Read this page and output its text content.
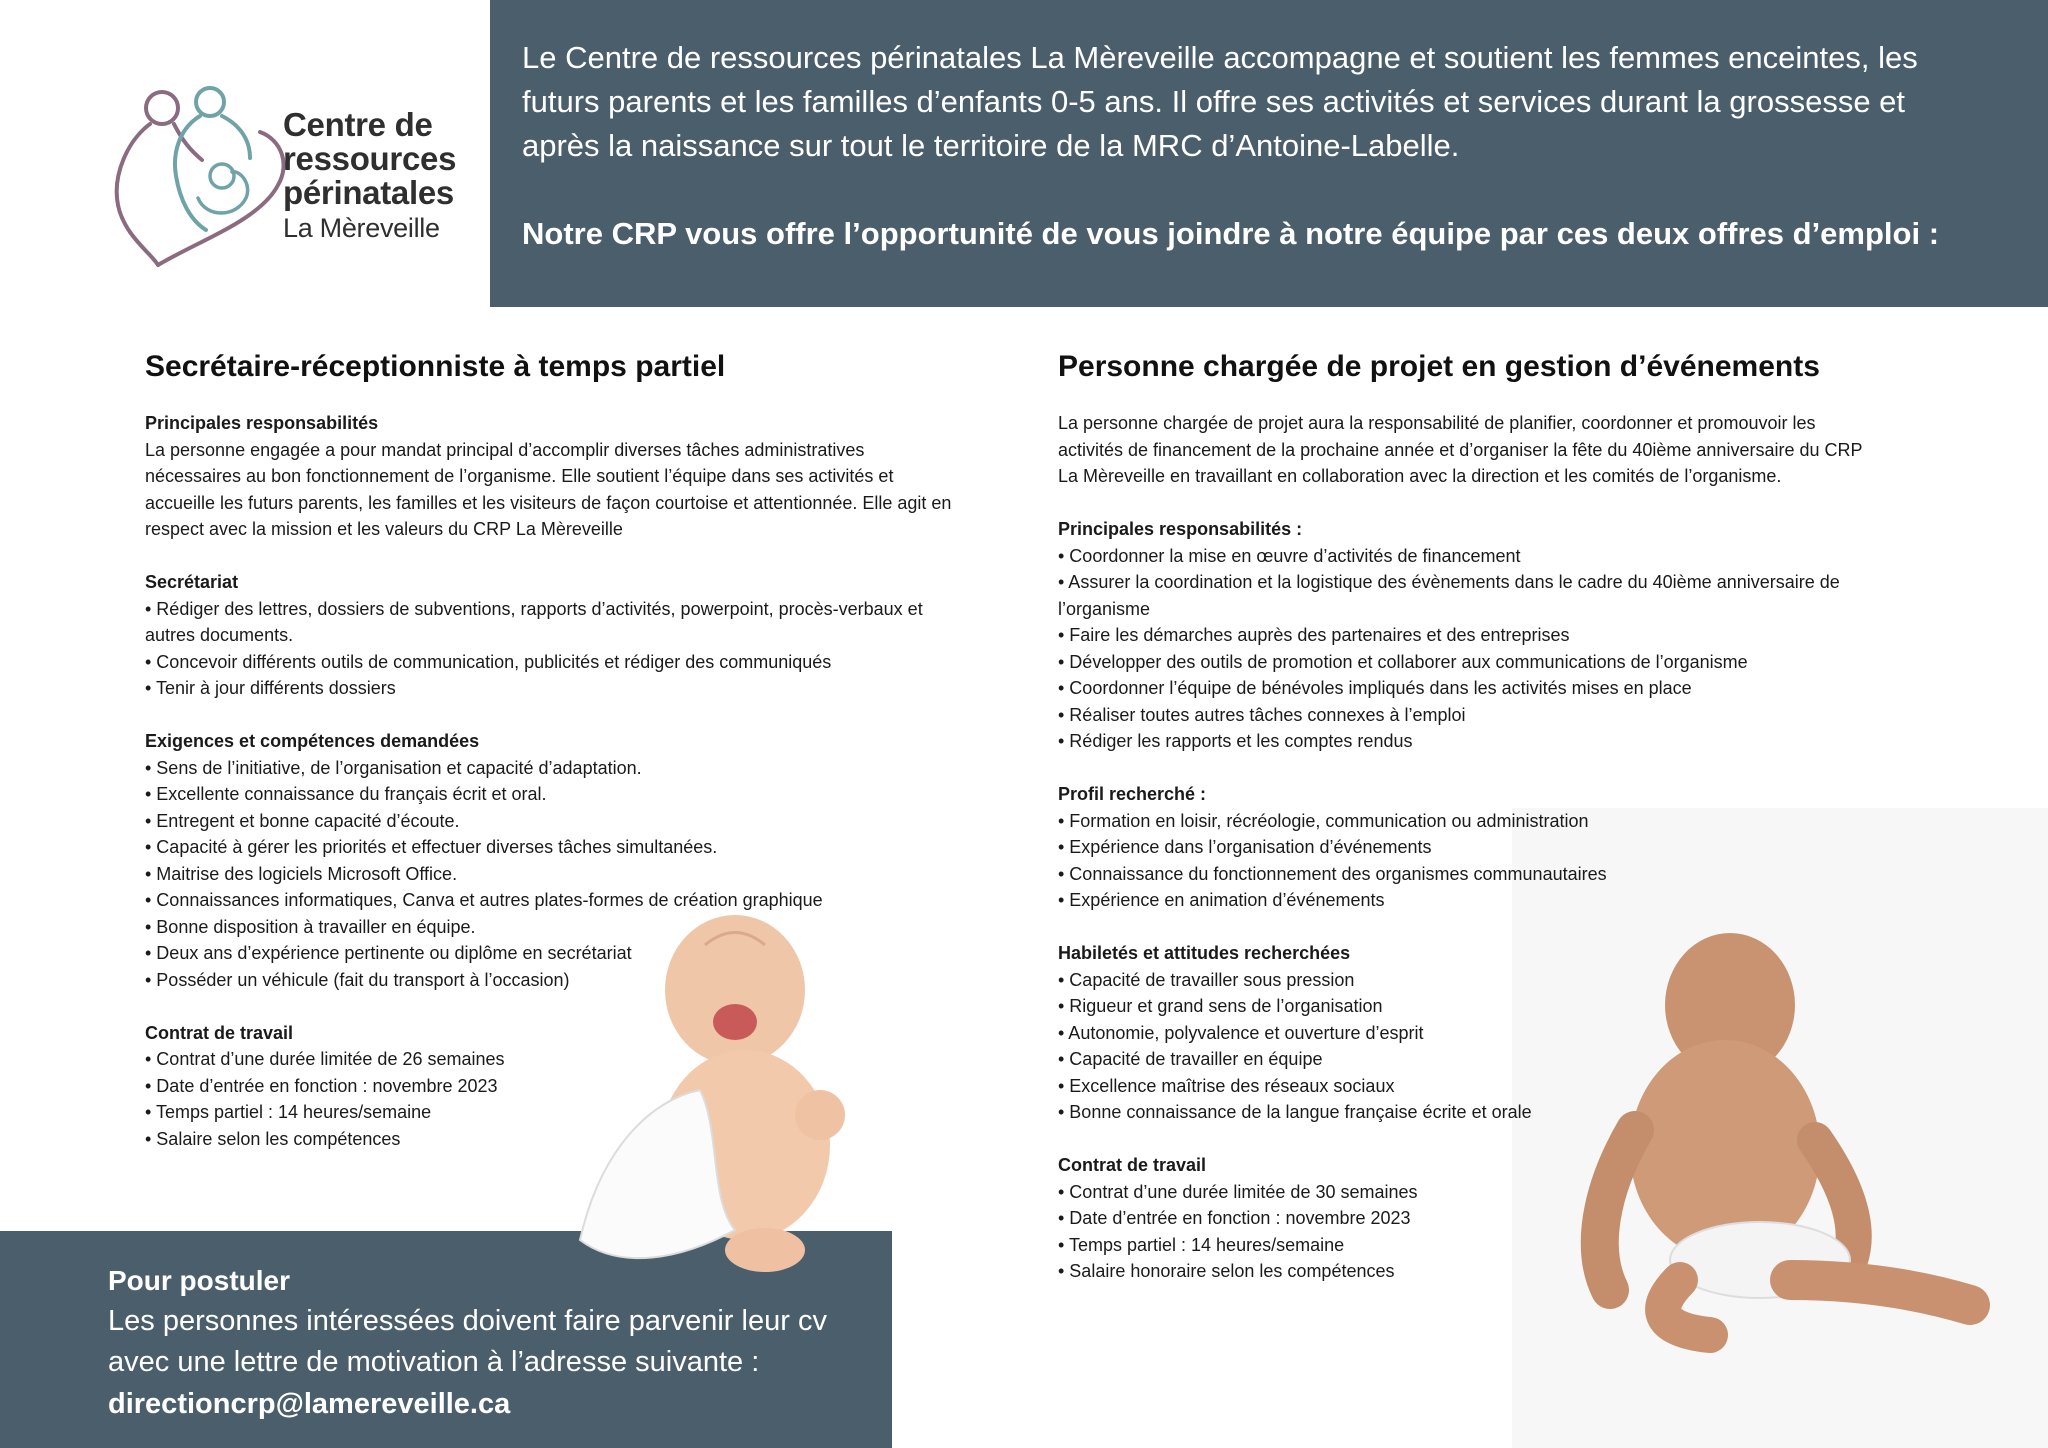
Centre de
ressources
périnatales
La Mèreveille

Le Centre de ressources périnatales La Mèreveille accompagne et soutient les femmes enceintes, les futurs parents et les familles d’enfants 0-5 ans. Il offre ses activités et services durant la grossesse et après la naissance sur tout le territoire de la MRC d’Antoine-Labelle.

Notre CRP vous offre l’opportunité de vous joindre à notre équipe par ces deux offres d’emploi :

Secrétaire-réceptionniste à temps partiel
Principales responsabilités

La personne engagée a pour mandat principal d’accomplir diverses tâches administratives nécessaires au bon fonctionnement de l’organisme. Elle soutient l’équipe dans ses activités et accueille les futurs parents, les familles et les visiteurs de façon courtoise et attentionnée. Elle agit en respect avec la mission et les valeurs du CRP La Mèreveille

Secrétariat
• Rédiger des lettres, dossiers de subventions, rapports d’activités, powerpoint, procès-verbaux et autres documents.
• Concevoir différents outils de communication, publicités et rédiger des communiqués
• Tenir à jour différents dossiers
Exigences et compétences demandées
• Sens de l’initiative, de l’organisation et capacité d’adaptation.
• Excellente connaissance du français écrit et oral.
• Entregent et bonne capacité d’écoute.
• Capacité à gérer les priorités et effectuer diverses tâches simultanées.
• Maitrise des logiciels Microsoft Office.
• Connaissances informatiques, Canva et autres plates-formes de création graphique
• Bonne disposition à travailler en équipe.
• Deux ans d’expérience pertinente ou diplôme en secrétariat
• Posséder un véhicule (fait du transport à l’occasion)
Contrat de travail
• Contrat d’une durée limitée de 26 semaines
• Date d’entrée en fonction : novembre 2023
• Temps partiel : 14 heures/semaine
• Salaire selon les compétences
Personne chargée de projet en gestion d’événements

La personne chargée de projet aura la responsabilité de planifier, coordonner et promouvoir les activités de financement de la prochaine année et d’organiser la fête du 40ième anniversaire du CRP La Mèreveille en travaillant en collaboration avec la direction et les comités de l’organisme.

Principales responsabilités :
• Coordonner la mise en œuvre d’activités de financement
• Assurer la coordination et la logistique des évènements dans le cadre du 40ième anniversaire de l’organisme
• Faire les démarches auprès des partenaires et des entreprises
• Développer des outils de promotion et collaborer aux communications de l’organisme
• Coordonner l’équipe de bénévoles impliqués dans les activités mises en place
• Réaliser toutes autres tâches connexes à l’emploi
• Rédiger les rapports et les comptes rendus
Profil recherché :
• Formation en loisir, récréologie, communication ou administration
• Expérience dans l’organisation d’événements
• Connaissance du fonctionnement des organismes communautaires
• Expérience en animation d’événements
Habiletés et attitudes recherchées
• Capacité de travailler sous pression
• Rigueur et grand sens de l’organisation
• Autonomie, polyvalence et ouverture d’esprit
• Capacité de travailler en équipe
• Excellence maîtrise des réseaux sociaux
• Bonne connaissance de la langue française écrite et orale
Contrat de travail
• Contrat d’une durée limitée de 30 semaines
• Date d’entrée en fonction : novembre 2023
• Temps partiel : 14 heures/semaine
• Salaire honoraire selon les compétences
Pour postuler

Les personnes intéressées doivent faire parvenir leur cv avec une lettre de motivation à l’adresse suivante :

directioncrp@lamereveille.ca
